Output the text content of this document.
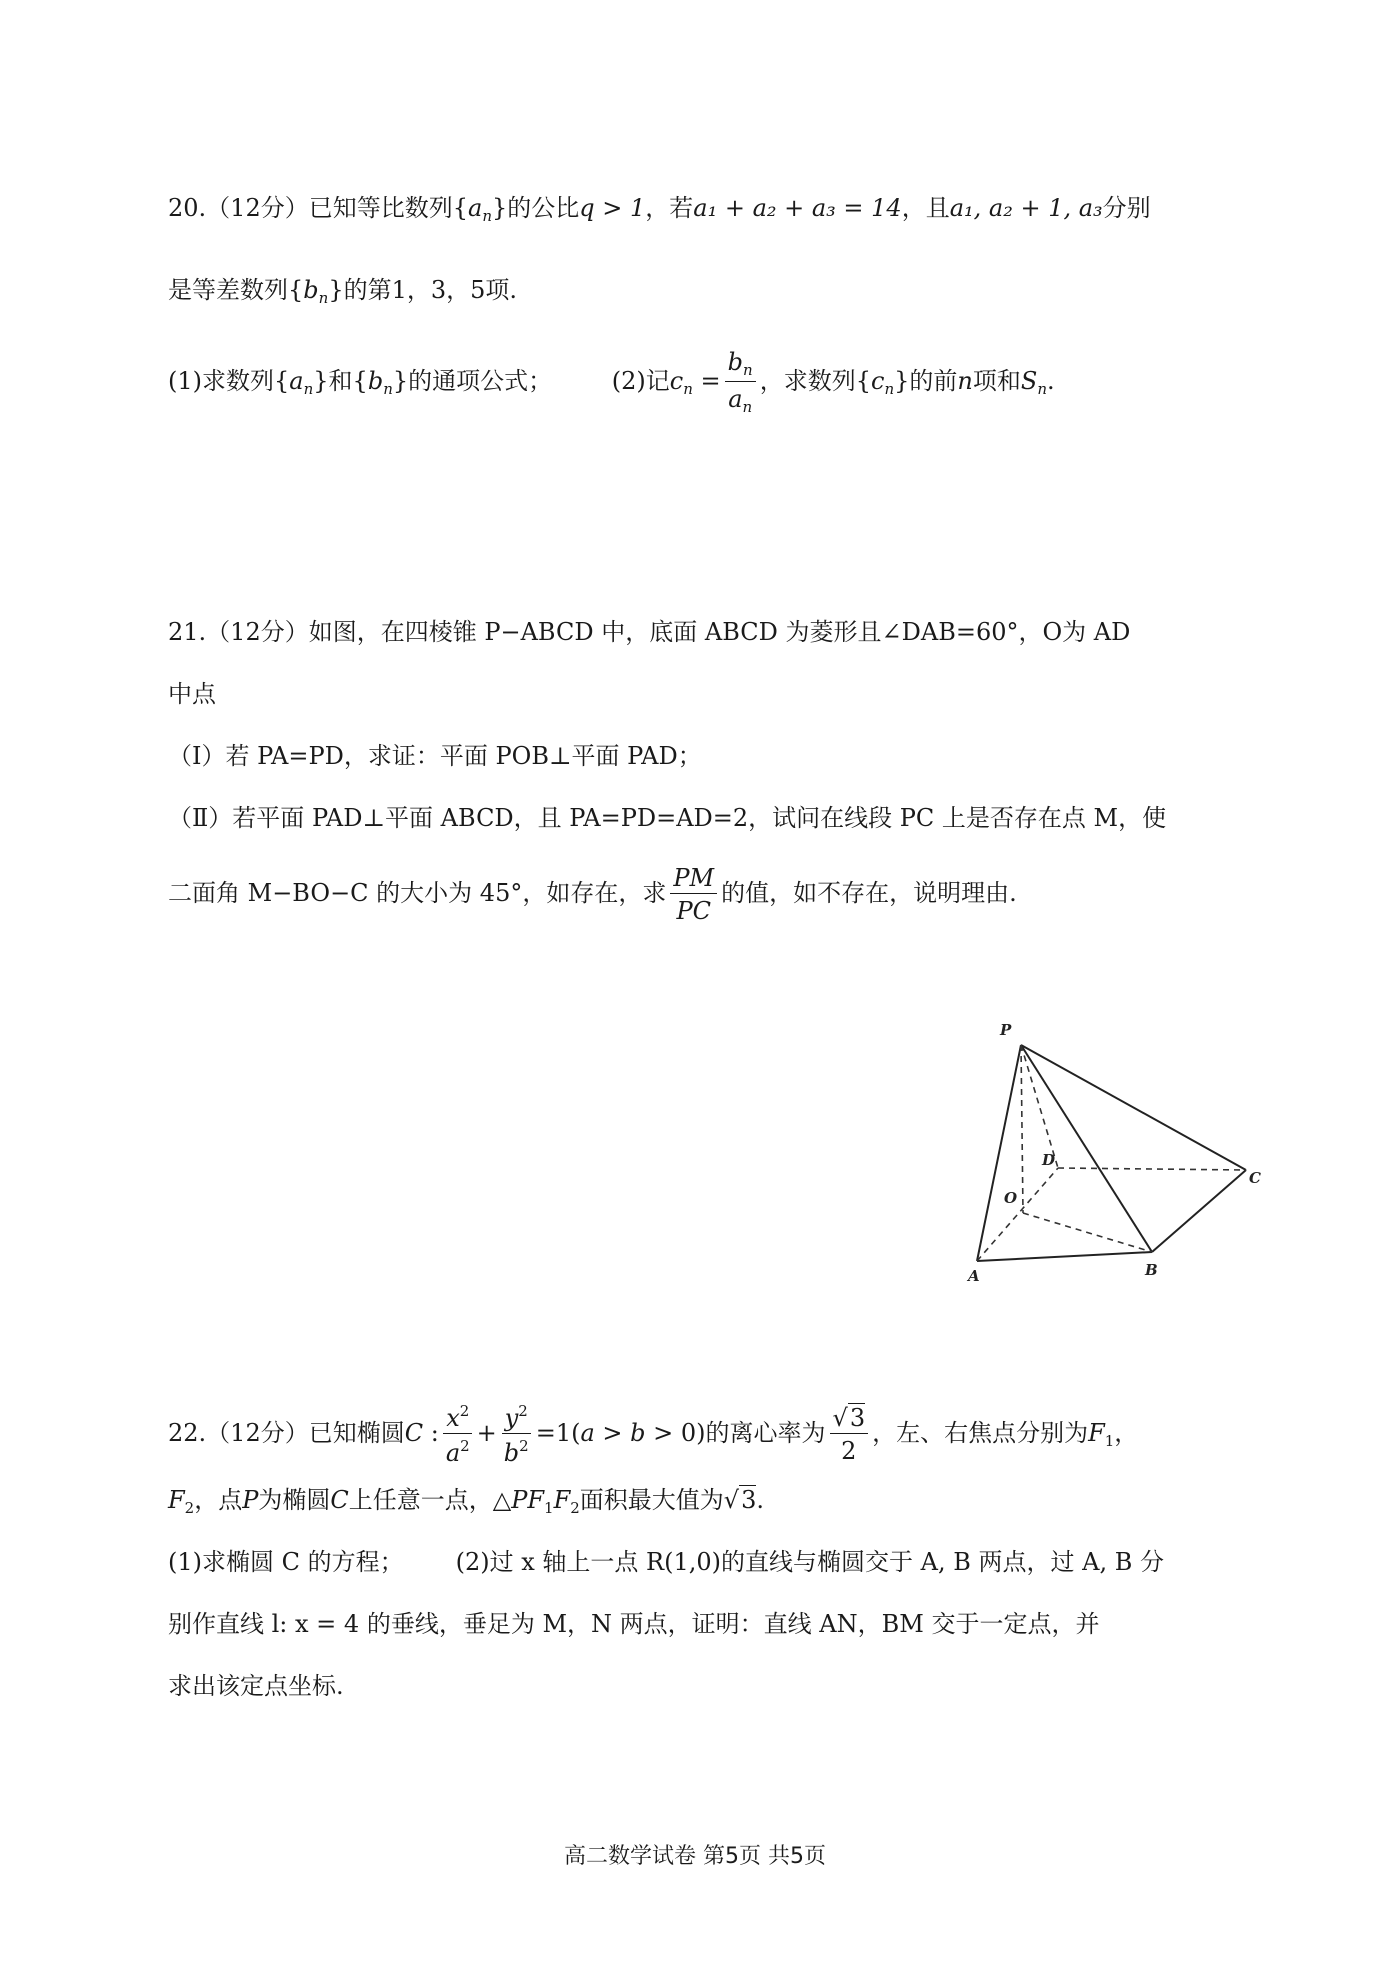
20.（12分）已知等比数列$\{a_n\}$的公比q > 1，若a₁ + a₂ + a₃ = 14，且a₁, a₂ + 1, a₃分别
是等差数列$\{b_n\}$的第1，3，5项.
(1)求数列$\{a_n\}$和$\{b_n\}$的通项公式； (2)记$c_n = \frac{b_n}{a_n}$ ，求数列$\{c_n\}$的前n项和$S_n$.
21.（12分）如图，在四棱锥 P−ABCD 中，底面 ABCD 为菱形且∠DAB=60°，O为 AD
中点
（Ⅰ）若 PA=PD，求证：平面 POB⊥平面 PAD；
（Ⅱ）若平面 PAD⊥平面 ABCD，且 PA=PD=AD=2，试问在线段 PC 上是否存在点 M，使
二面角 M−BO−C 的大小为 45°，如存在，求 $\frac{PM}{PC}$ 的值，如不存在，说明理由.
P
D
C
O
A	B
22.（12分）已知椭圆C : $\frac{x^2}{a^2} + \frac{y^2}{b^2} =1(a > b > 0)$的离心率为 $\frac{√3}{2}$ ，左、右焦点分别为$F_1$，
$F_2$，点P为椭圆C上任意一点，$\triangle PF_1F_2$面积最大值为√3.
(1)求椭圆 C 的方程； (2)过 x 轴上一点 R(1,0)的直线与椭圆交于 A, B 两点，过 A, B 分
别作直线 l: x = 4 的垂线，垂足为 M，N 两点，证明：直线 AN，BM 交于一定点，并
求出该定点坐标.
高二数学试卷 第5页 共5页
